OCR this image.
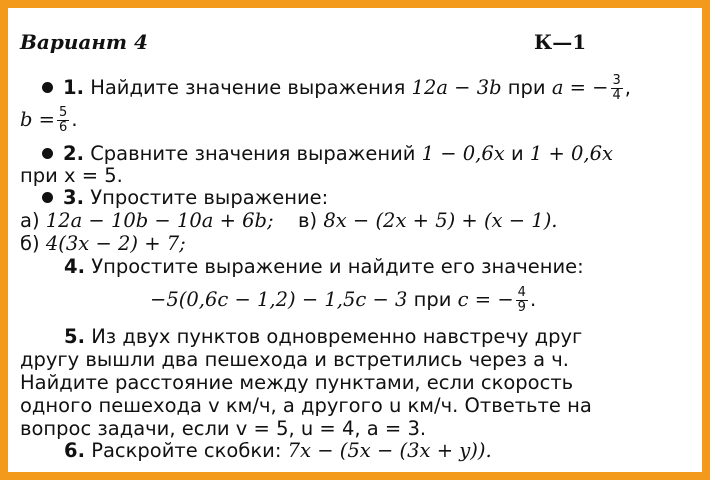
Вариант 4	К—1
1. Найдите значение выражения 12a − 3b при a = − $\frac{3}{4}$ ,
$b = \frac{5}{6}$ .
2. Сравните значения выражений 1 − 0,6x и 1 + 0,6x
при x = 5.
3. Упростите выражение:
а) 12a − 10b − 10a + 6b; в) 8x − (2x + 5) + (x − 1).
б) 4(3x − 2) + 7;
4. Упростите выражение и найдите его значение:
−5(0,6c − 1,2) − 1,5c − 3 при c = − $\frac{4}{9}$ .
5. Из двух пунктов одновременно навстречу друг
другу вышли два пешехода и встретились через a ч.
Найдите расстояние между пунктами, если скорость
одного пешехода v км/ч, а другого u км/ч. Ответьте на
вопрос задачи, если v = 5, u = 4, a = 3.
6. Раскройте скобки: 7x − (5x − (3x + y)).
